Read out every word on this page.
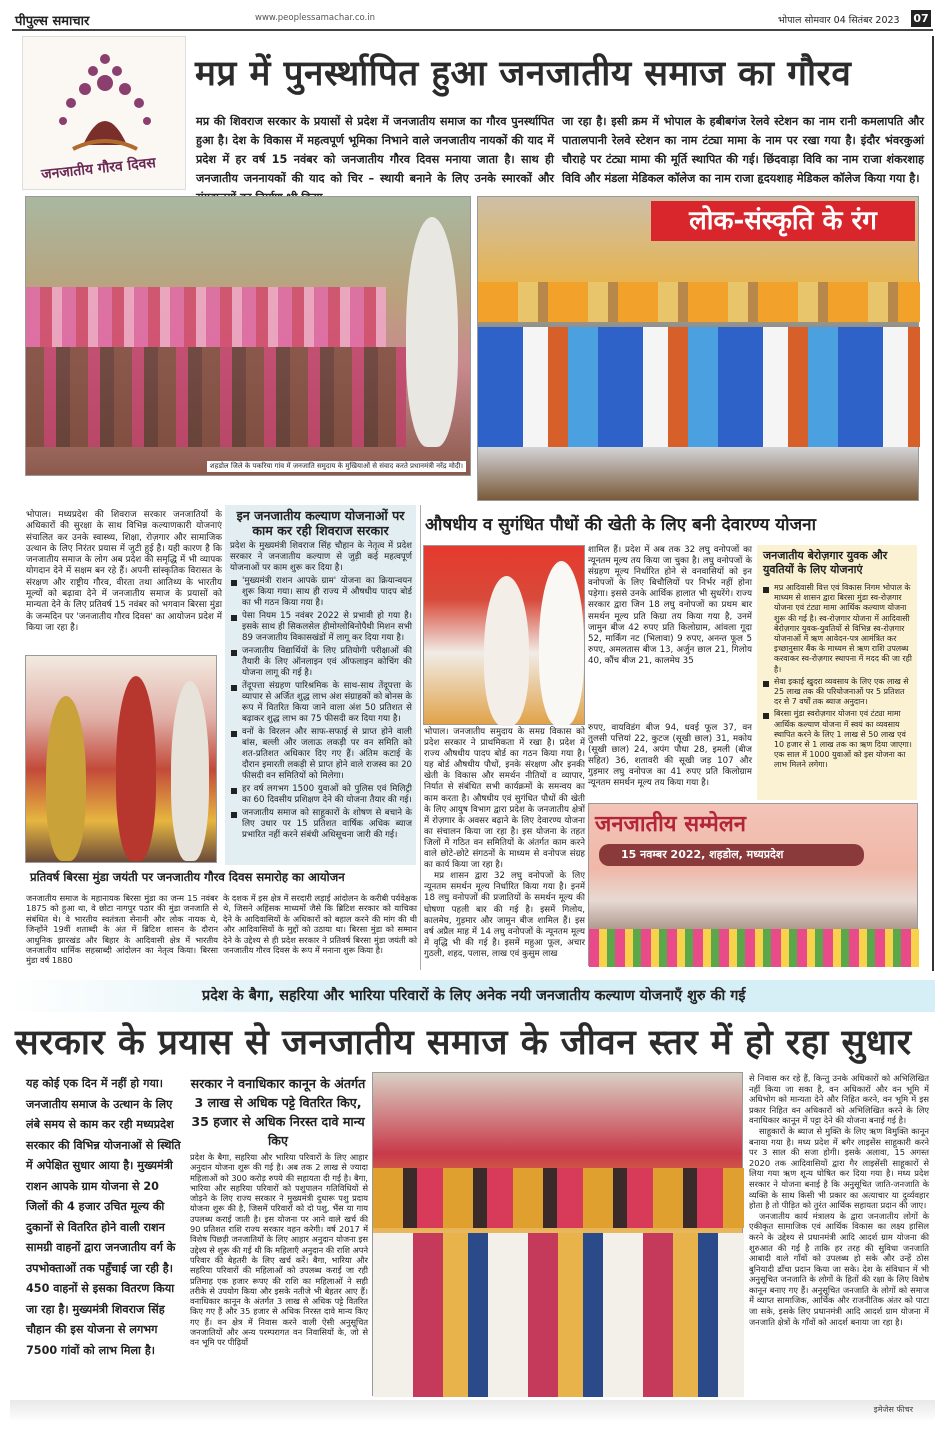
पीपुल्स समाचार	www.peoplessamachar.co.in	भोपाल सोमवार 04 सितंबर 2023 07
जनजातीय गौरव दिवस
मप्र में पुनर्स्थापित हुआ जनजातीय समाज का गौरव
मप्र की शिवराज सरकार के प्रयासों से प्रदेश में जनजातीय समाज का गौरव पुनर्स्थापित हुआ है। देश के विकास में महत्वपूर्ण भूमिका निभाने वाले जनजातीय नायकों की याद में प्रदेश में हर वर्ष 15 नवंबर को जनजातीय गौरव दिवस मनाया जाता है। साथ ही जनजातीय जननायकों की याद को चिर – स्थायी बनाने के लिए उनके स्मारकों और
जा रहा है। इसी क्रम में भोपाल के हबीबगंज रेलवे स्टेशन का नाम रानी कमलापति और पातालपानी रेलवे स्टेशन का नाम टंट्या मामा के नाम पर रखा गया है। इंदौर भंवरकुआं चौराहे पर टंट्या मामा की मूर्ति स्थापित की गई। छिंदवाड़ा विवि का नाम राजा शंकरशाह विवि और मंडला मेडिकल कॉलेज का नाम राजा हृदयशाह मेडिकल कॉलेज किया गया है।
शहडोल जिले के पकरिया गांव में जनजाति समुदाय के मुखियाओं से संवाद करते प्रधानमंत्री नरेंद्र मोदी।
लोक-संस्कृति के रंग
भोपाल। मध्यप्रदेश की शिवराज सरकार जनजातियों के अधिकारों की सुरक्षा के साथ विभिन्न कल्याणकारी योजनाएं संचालित कर उनके स्वास्थ्य, शिक्षा, रोज़गार और सामाजिक उत्थान के लिए निरंतर प्रयास में जुटी हुई है। यही कारण है कि जनजातीय समाज के लोग अब प्रदेश की समृद्धि में भी व्यापक योगदान देने में सक्षम बन रहे हैं। अपनी सांस्कृतिक विरासत के संरक्षण और राष्ट्रीय गौरव, वीरता तथा आतिथ्य के भारतीय मूल्यों को बढ़ावा देने में जनजातीय समाज के प्रयासों को मान्यता देने के लिए प्रतिवर्ष 15 नवंबर को भगवान बिरसा मुंडा के जन्मदिन पर 'जनजातीय गौरव दिवस' का आयोजन प्रदेश में किया जा रहा है।
इन जनजातीय कल्याण योजनाओं पर काम कर रही शिवराज सरकार
प्रदेश के मुख्यमंत्री शिवराज सिंह चौहान के नेतृत्व में प्रदेश सरकार ने जनजातीय कल्याण से जुड़ी कई महत्वपूर्ण योजनाओं पर काम शुरू कर दिया है।
'मुख्यमंत्री राशन आपके ग्राम' योजना का क्रियान्वयन शुरू किया गया। साथ ही राज्य में औषधीय पादप बोर्ड का भी गठन किया गया है।
पेसा नियम 15 नवंबर 2022 से प्रभावी हो गया है। इसके साथ ही सिकलसेल हीमोग्लोबिनोपैथी मिशन सभी 89 जनजातीय विकासखंडों में लागू कर दिया गया है।
जनजातीय विद्यार्थियों के लिए प्रतियोगी परीक्षाओं की तैयारी के लिए ऑनलाइन एवं ऑफलाइन कोचिंग की योजना लागू की गई है।
तेंदूपत्ता संग्रहण पारिश्रमिक के साथ-साथ तेंदूपत्ता के व्यापार से अर्जित शुद्ध लाभ अंश संग्राहकों को बोनस के रूप में वितरित किया जाने वाला अंश 50 प्रतिशत से बढ़ाकर शुद्ध लाभ का 75 फीसदी कर दिया गया है।
वनों के विरलन और साफ-सफाई से प्राप्त होने वाली बांस, बल्ली और जलाऊ लकड़ी पर वन समिति को शत-प्रतिशत अधिकार दिए गए हैं। अंतिम कटाई के दौरान इमारती लकड़ी से प्राप्त होने वाले राजस्व का 20 फीसदी वन समितियों को मिलेगा।
हर वर्ष लगभग 1500 युवाओं को पुलिस एवं मिलिट्री का 60 दिवसीय प्रशिक्षण देने की योजना तैयार की गई।
जनजातीय समाज को साहूकारों के शोषण से बचाने के लिए उधार पर 15 प्रतिशत वार्षिक अधिक ब्याज प्रभारित नहीं करने संबंधी अधिसूचना जारी की गई।
प्रतिवर्ष बिरसा मुंडा जयंती पर जनजातीय गौरव दिवस समारोह का आयोजन
जनजातीय समाज के महानायक बिरसा मुंडा का जन्म 15 नवंबर 1875 को हुआ था, वे छोटा नागपुर पठार की मुंडा जनजाति से संबंधित थे। वे भारतीय स्वतंत्रता सेनानी और लोक नायक थे, जिन्होंने 19वीं शताब्दी के अंत में ब्रिटिश शासन के दौरान आधुनिक झारखंड और बिहार के आदिवासी क्षेत्र में भारतीय जनजातीय धार्मिक सहस्राब्दी आंदोलन का नेतृत्व किया। बिरसा मुंडा वर्ष 1880
के दशक में इस क्षेत्र में सरदारी लड़ाई आंदोलन के करीबी पर्यवेक्षक थे, जिसने अहिंसक माध्यमों जैसे कि ब्रिटिश सरकार को याचिका देने के आदिवासियों के अधिकारों को बहाल करने की मांग की थी और आदिवासियों के मुद्दों को उठाया था। बिरसा मुंडा को सम्मान देने के उद्देश्य से ही प्रदेश सरकार ने प्रतिवर्ष बिरसा मुंडा जयंती को जनजातीय गौरव दिवस के रूप में मनाना शुरू किया है।
औषधीय व सुगंधित पौधों की खेती के लिए बनी देवारण्य योजना
शामिल हैं। प्रदेश में अब तक 32 लघु वनोपजों का न्यूनतम मूल्य तय किया जा चुका है। लघु वनोपजों के संग्रहण मूल्य निर्धारित होने से वनवासियों को इन वनोपजों के लिए बिचौलियों पर निर्भर नहीं होना पड़ेगा। इससे उनके आर्थिक हालात भी सुधरेंगे। राज्य सरकार द्वारा जिन 18 लघु वनोपजों का प्रथम बार समर्थन मूल्य प्रति किग्रा तय किया गया है, उनमें जामुन बीज 42 रुपए प्रति किलोग्राम, आंवला गूदा 52, मार्किंग नट (भिलावा) 9 रुपए, अनन्त फूल 5 रुपए, अमलतास बीज 13, अर्जुन छाल 21, गिलोय 40, कौंच बीज 21, कालमेघ 35
रुपए, वायविडंग बीज 94, धवई फूल 37, वन तुलसी पत्तियां 22, कुटज (सूखी छाल) 31, मकोय (सूखी छाल) 24, अपंग पौधा 28, इमली (बीज सहित) 36, शतावरी की सूखी जड़ 107 और गुड़मार लघु वनोपज का 41 रुपए प्रति किलोग्राम न्यूनतम समर्थन मूल्य तय किया गया है।
भोपाल। जनजातीय समुदाय के समग्र विकास को प्रदेश सरकार ने प्राथमिकता में रखा है। प्रदेश में राज्य औषधीय पादप बोर्ड का गठन किया गया है। यह बोर्ड औषधीय पौधों, इनके संरक्षण और इनकी खेती के विकास और समर्थन नीतियों व व्यापार, निर्यात से संबंधित सभी कार्यक्रमों के समन्वय का काम करता है। औषधीय एवं सुगंधित पौधों की खेती के लिए आयुष विभाग द्वारा प्रदेश के जनजातीय क्षेत्रों में रोज़गार के अवसर बढ़ाने के लिए देवारण्य योजना का संचालन किया जा रहा है। इस योजना के तहत जिलों में गठित वन समितियों के अंतर्गत काम करने वाले छोटे-छोटे संगठनों के माध्यम से वनोपज संग्रह का कार्य किया जा रहा है।

मप्र शासन द्वारा 32 लघु वनोपजों के लिए न्यूनतम समर्थन मूल्य निर्धारित किया गया है। इनमें 18 लघु वनोपजों की प्रजातियों के समर्थन मूल्य की घोषणा पहली बार की गई है। इसमें गिलोय, कालमेघ, गुड़मार और जामुन बीज शामिल हैं। इस वर्ष अप्रैल माह में 14 लघु वनोपजों के न्यूनतम मूल्य में वृद्धि भी की गई है। इसमें महुआ फूल, अचार गुठली, शहद, पलास, लाख एवं कुसुम लाख

जनजातीय बेरोज़गार युवक और युवतियों के लिए योजनाएं
मप्र आदिवासी वित्त एवं विकास निगम भोपाल के माध्यम से शासन द्वारा बिरसा मुंडा स्व-रोज़गार योजना एवं टंट्या मामा आर्थिक कल्याण योजना शुरू की गई है। स्व-रोज़गार योजना में आदिवासी बेरोज़गार युवक-युवतियों से विभिन्न स्व-रोज़गार योजनाओं में ऋण आवेदन-पत्र आमंत्रित कर इच्छानुसार बैंक के माध्यम से ऋण राशि उपलब्ध करवाकर स्व-रोज़गार स्थापना में मदद की जा रही है।
सेवा इकाई खुदरा व्यवसाय के लिए एक लाख से 25 लाख तक की परियोजनाओं पर 5 प्रतिशत दर से 7 वर्षों तक ब्याज अनुदान।
बिरसा मुंडा स्वरोज़गार योजना एवं टंट्या मामा आर्थिक कल्याण योजना में स्वयं का व्यवसाय स्थापित करने के लिए 1 लाख से 50 लाख एवं 10 हजार से 1 लाख तक का ऋण दिया जाएगा। एक साल में 1000 युवाओं को इस योजना का लाभ मिलने लगेगा।
जनजातीय सम्मेलन
15 नवम्बर 2022, शहडोल, मध्यप्रदेश
प्रदेश के बैगा, सहरिया और भारिया परिवारों के लिए अनेक नयी जनजातीय कल्याण योजनाएँ शुरु की गई
सरकार के प्रयास से जनजातीय समाज के जीवन स्तर में हो रहा सुधार
यह कोई एक दिन में नहीं हो गया। जनजातीय समाज के उत्थान के लिए लंबे समय से काम कर रही मध्यप्रदेश सरकार की विभिन्न योजनाओं से स्थिति में अपेक्षित सुधार आया है। मुख्यमंत्री राशन आपके ग्राम योजना से 20 जिलों की 4 हजार उचित मूल्य की दुकानों से वितरित होने वाली राशन सामग्री वाहनों द्वारा जनजातीय वर्ग के उपभोक्ताओं तक पहुँचाई जा रही है। 450 वाहनों से इसका वितरण किया जा रहा है। मुख्यमंत्री शिवराज सिंह चौहान की इस योजना से लगभग 7500 गांवों को लाभ मिला है।
सरकार ने वनाधिकार कानून के अंतर्गत 3 लाख से अधिक पट्टे वितरित किए, 35 हजार से अधिक निरस्त दावे मान्य किए
प्रदेश के बैगा, सहरिया और भारिया परिवारों के लिए आहार अनुदान योजना शुरू की गई है। अब तक 2 लाख से ज्यादा महिलाओं को 300 करोड़ रुपये की सहायता दी गई है। बैगा, भारिया और सहरिया परिवारों को पशुपालन गतिविधियों से जोड़ने के लिए राज्य सरकार ने मुख्यमंत्री दुधारू पशु प्रदाय योजना शुरू की है, जिसमें परिवारों को दो पशु, भैंस या गाय उपलब्ध कराई जाती है। इस योजना पर आने वाले खर्च की 90 प्रतिशत राशि राज्य सरकार वहन करेगी। वर्ष 2017 में विशेष पिछड़ी जनजातियों के लिए आहार अनुदान योजना इस उद्देश्य से शुरू की गई थी कि महिलाएँ अनुदान की राशि अपने परिवार की बेहतरी के लिए खर्च करें। बैगा, भारिया और सहरिया परिवारों की महिलाओं को उपलब्ध कराई जा रही प्रतिमाह एक हजार रूपए की राशि का महिलाओं ने सही तरीके से उपयोग किया और इसके नतीजे भी बेहतर आए हैं। वनाधिकार कानून के अंतर्गत 3 लाख से अधिक पट्टे वितरित किए गए हैं और 35 हजार से अधिक निरस्त दावे मान्य किए गए हैं। वन क्षेत्र में निवास करने वाली ऐसी अनुसूचित जनजातियों और अन्य परम्परागत वन निवासियों के, जो से वन भूमि पर पीढ़ियों
से निवास कर रहे हैं, किन्तु उनके अधिकारों को अभिलिखित नहीं किया जा सका है, वन अधिकारों और वन भूमि में अधिभोग को मान्यता देने और निहित करने, वन भूमि में इस प्रकार निहित वन अधिकारों को अभिलिखित करने के लिए वनाधिकार कानून में पट्टा देने की योजना बनाई गई है।

साहूकारों के ब्याज से मुक्ति के लिए ऋण विमुक्ति कानून बनाया गया है। मध्य प्रदेश में बगैर लाइसेंस साहूकारी करने पर 3 साल की सजा होगी। इसके अलावा, 15 अगस्त 2020 तक आदिवासियों द्वारा गैर लाइसेंसी साहूकारों से लिया गया ऋण शून्य घोषित कर दिया गया है। मध्य प्रदेश सरकार ने योजना बनाई है कि अनुसूचित जाति-जनजाति के व्यक्ति के साथ किसी भी प्रकार का अत्याचार या दुर्व्यवहार होता है तो पीड़ित को तुरंत आर्थिक सहायता प्रदान की जाए।

जनजातीय कार्य मंत्रालय के द्वारा जनजातीय लोगों के एकीकृत सामाजिक एवं आर्थिक विकास का लक्ष्य हासिल करने के उद्देश्य से प्रधानमंत्री आदि आदर्श ग्राम योजना की शुरुआत की गई है ताकि हर तरह की सुविधा जनजाति आबादी वाले गाँवों को उपलब्ध हो सके और उन्हें ठोस बुनियादी ढाँचा प्रदान किया जा सके। देश के संविधान में भी अनुसूचित जनजाति के लोगों के हितों की रक्षा के लिए विशेष कानून बनाए गए हैं। अनुसूचित जनजाति के लोगों को समाज में व्याप्त सामाजिक, आर्थिक और राजनीतिक अंतर को पाटा जा सके, इसके लिए प्रधानमंत्री आदि आदर्श ग्राम योजना में जनजाति क्षेत्रों के गाँवों को आदर्श बनाया जा रहा है।

इमेजेस फीचर
